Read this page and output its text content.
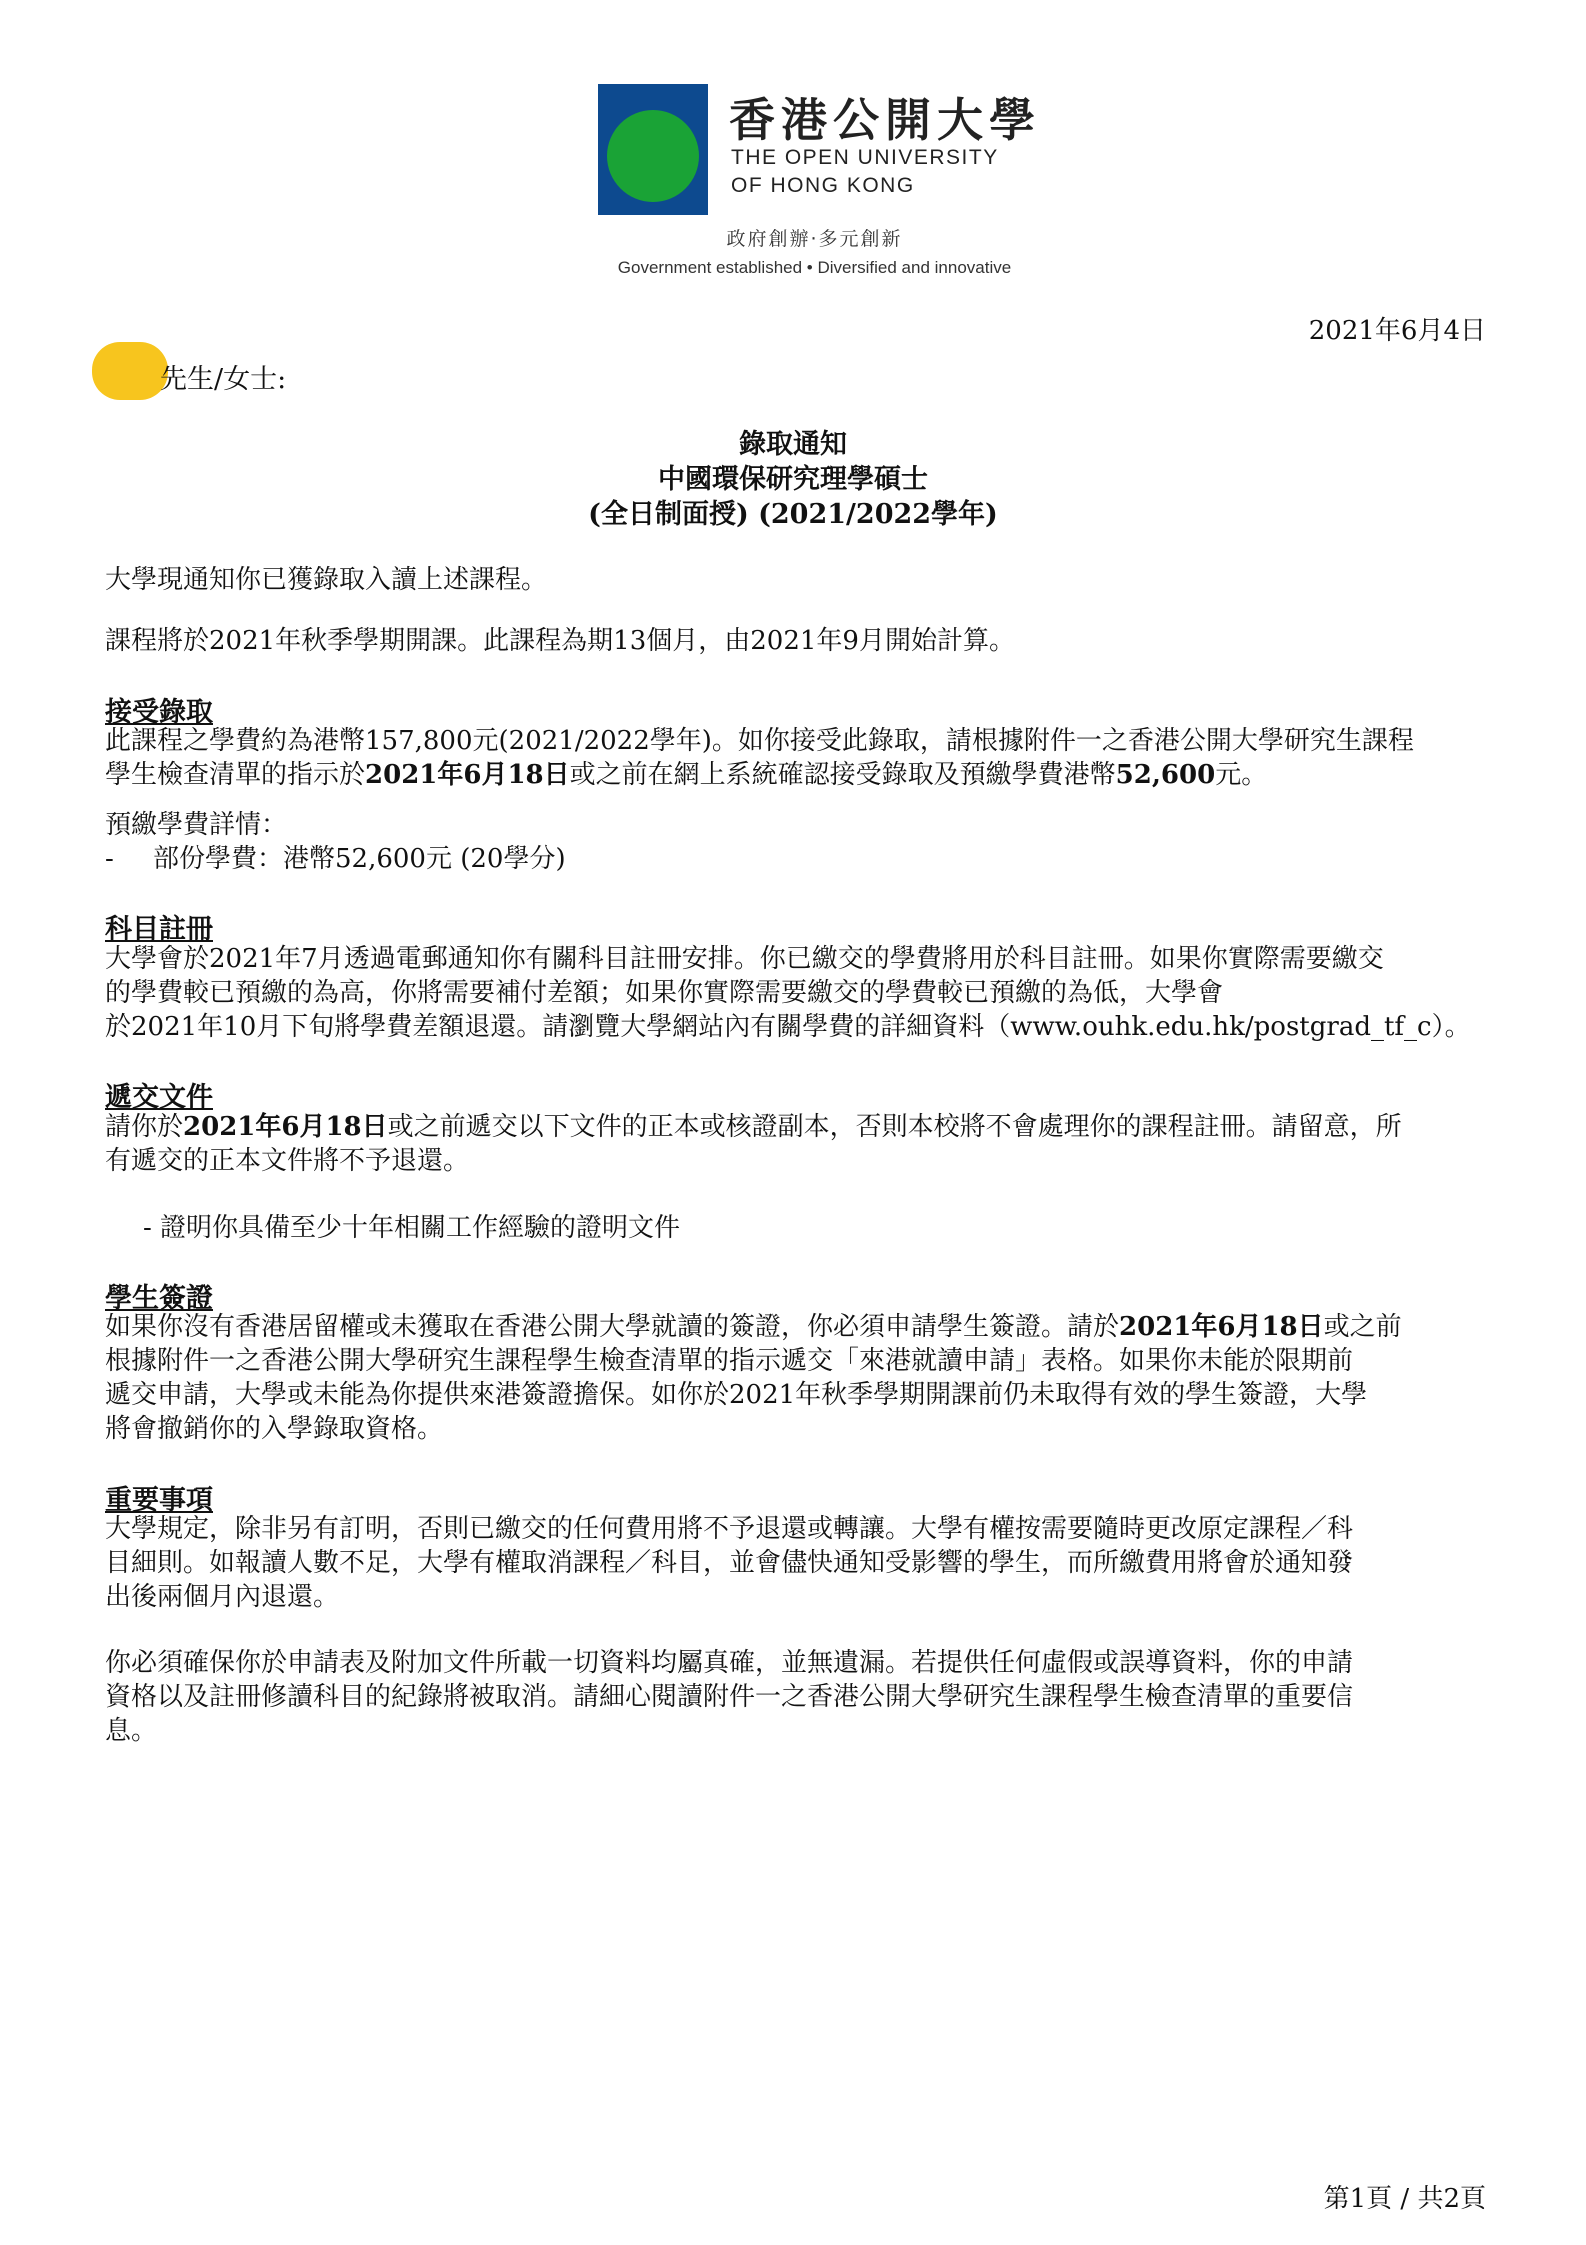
香港公開大學
THE OPEN UNIVERSITY
OF HONG KONG
政府創辦‧多元創新
Government established • Diversified and innovative
2021年6月4日
先生/女士:
錄取通知
中國環保研究理學碩士
(全日制面授) (2021/2022學年)
大學現通知你已獲錄取入讀上述課程。
課程將於2021年秋季學期開課。此課程為期13個月，由2021年9月開始計算。
接受錄取
此課程之學費約為港幣157,800元(2021/2022學年)。如你接受此錄取，請根據附件一之香港公開大學研究生課程
學生檢查清單的指示於2021年6月18日或之前在網上系統確認接受錄取及預繳學費港幣52,600元。
預繳學費詳情：
-	部份學費：港幣52,600元 (20學分)
科目註冊
大學會於2021年7月透過電郵通知你有關科目註冊安排。你已繳交的學費將用於科目註冊。如果你實際需要繳交
的學費較已預繳的為高，你將需要補付差額；如果你實際需要繳交的學費較已預繳的為低，大學會
於2021年10月下旬將學費差額退還。請瀏覽大學網站內有關學費的詳細資料（www.ouhk.edu.hk/postgrad_tf_c）。
遞交文件
請你於2021年6月18日或之前遞交以下文件的正本或核證副本，否則本校將不會處理你的課程註冊。請留意，所
有遞交的正本文件將不予退還。
- 證明你具備至少十年相關工作經驗的證明文件
學生簽證
如果你沒有香港居留權或未獲取在香港公開大學就讀的簽證，你必須申請學生簽證。請於2021年6月18日或之前
根據附件一之香港公開大學研究生課程學生檢查清單的指示遞交「來港就讀申請」表格。如果你未能於限期前
遞交申請，大學或未能為你提供來港簽證擔保。如你於2021年秋季學期開課前仍未取得有效的學生簽證，大學
將會撤銷你的入學錄取資格。
重要事項
大學規定，除非另有訂明，否則已繳交的任何費用將不予退還或轉讓。大學有權按需要隨時更改原定課程／科
目細則。如報讀人數不足，大學有權取消課程／科目，並會儘快通知受影響的學生，而所繳費用將會於通知發
出後兩個月內退還。
你必須確保你於申請表及附加文件所載一切資料均屬真確，並無遺漏。若提供任何虛假或誤導資料，你的申請
資格以及註冊修讀科目的紀錄將被取消。請細心閱讀附件一之香港公開大學研究生課程學生檢查清單的重要信
息。
第1頁 / 共2頁
